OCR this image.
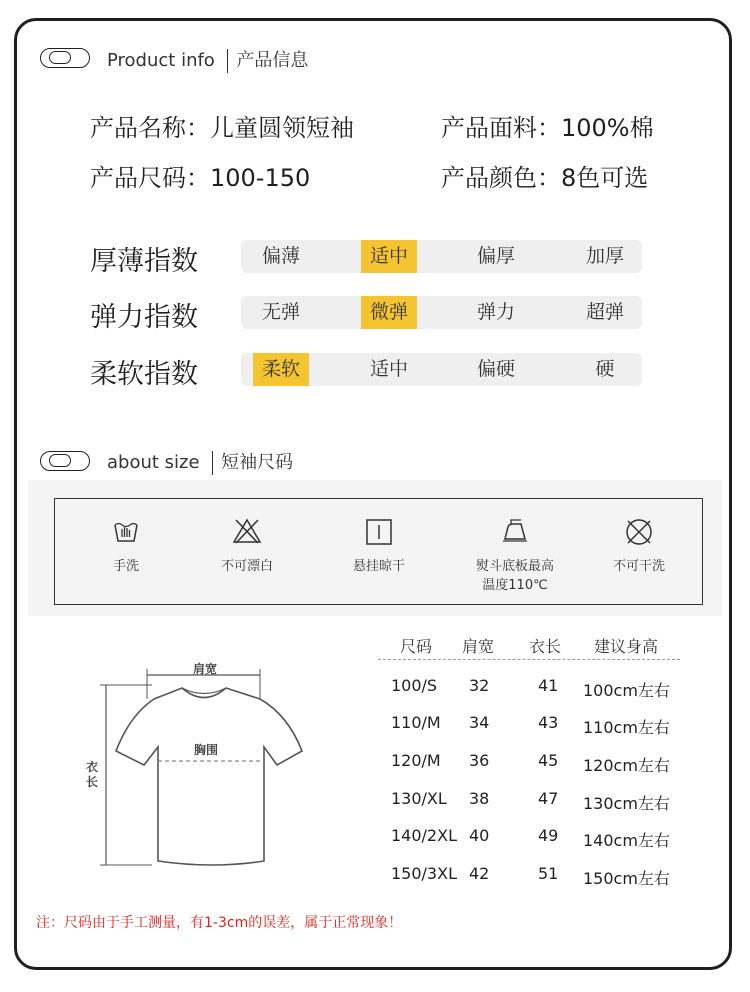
Product info 产品信息
产品名称：儿童圆领短袖	产品面料：100%棉
产品尺码：100-150	产品颜色：8色可选
厚薄指数	偏薄	适中	偏厚	加厚
弹力指数	无弹	微弹	弹力	超弹
柔软指数	柔软	适中	偏硬	硬
about size 短袖尺码
手洗	不可漂白	悬挂晾干	熨斗底板最高
温度110℃
不可干洗
肩宽
胸围
衣长
尺码 肩宽 衣长 建议身高
100/S 32	41 100cm左右
110/M 34	43 110cm左右
120/M 36	45 120cm左右
130/XL 38	47 130cm左右
140/2XL 40	49 140cm左右
150/3XL 42	51 150cm左右
注：尺码由于手工测量，有1-3cm的误差，属于正常现象！
